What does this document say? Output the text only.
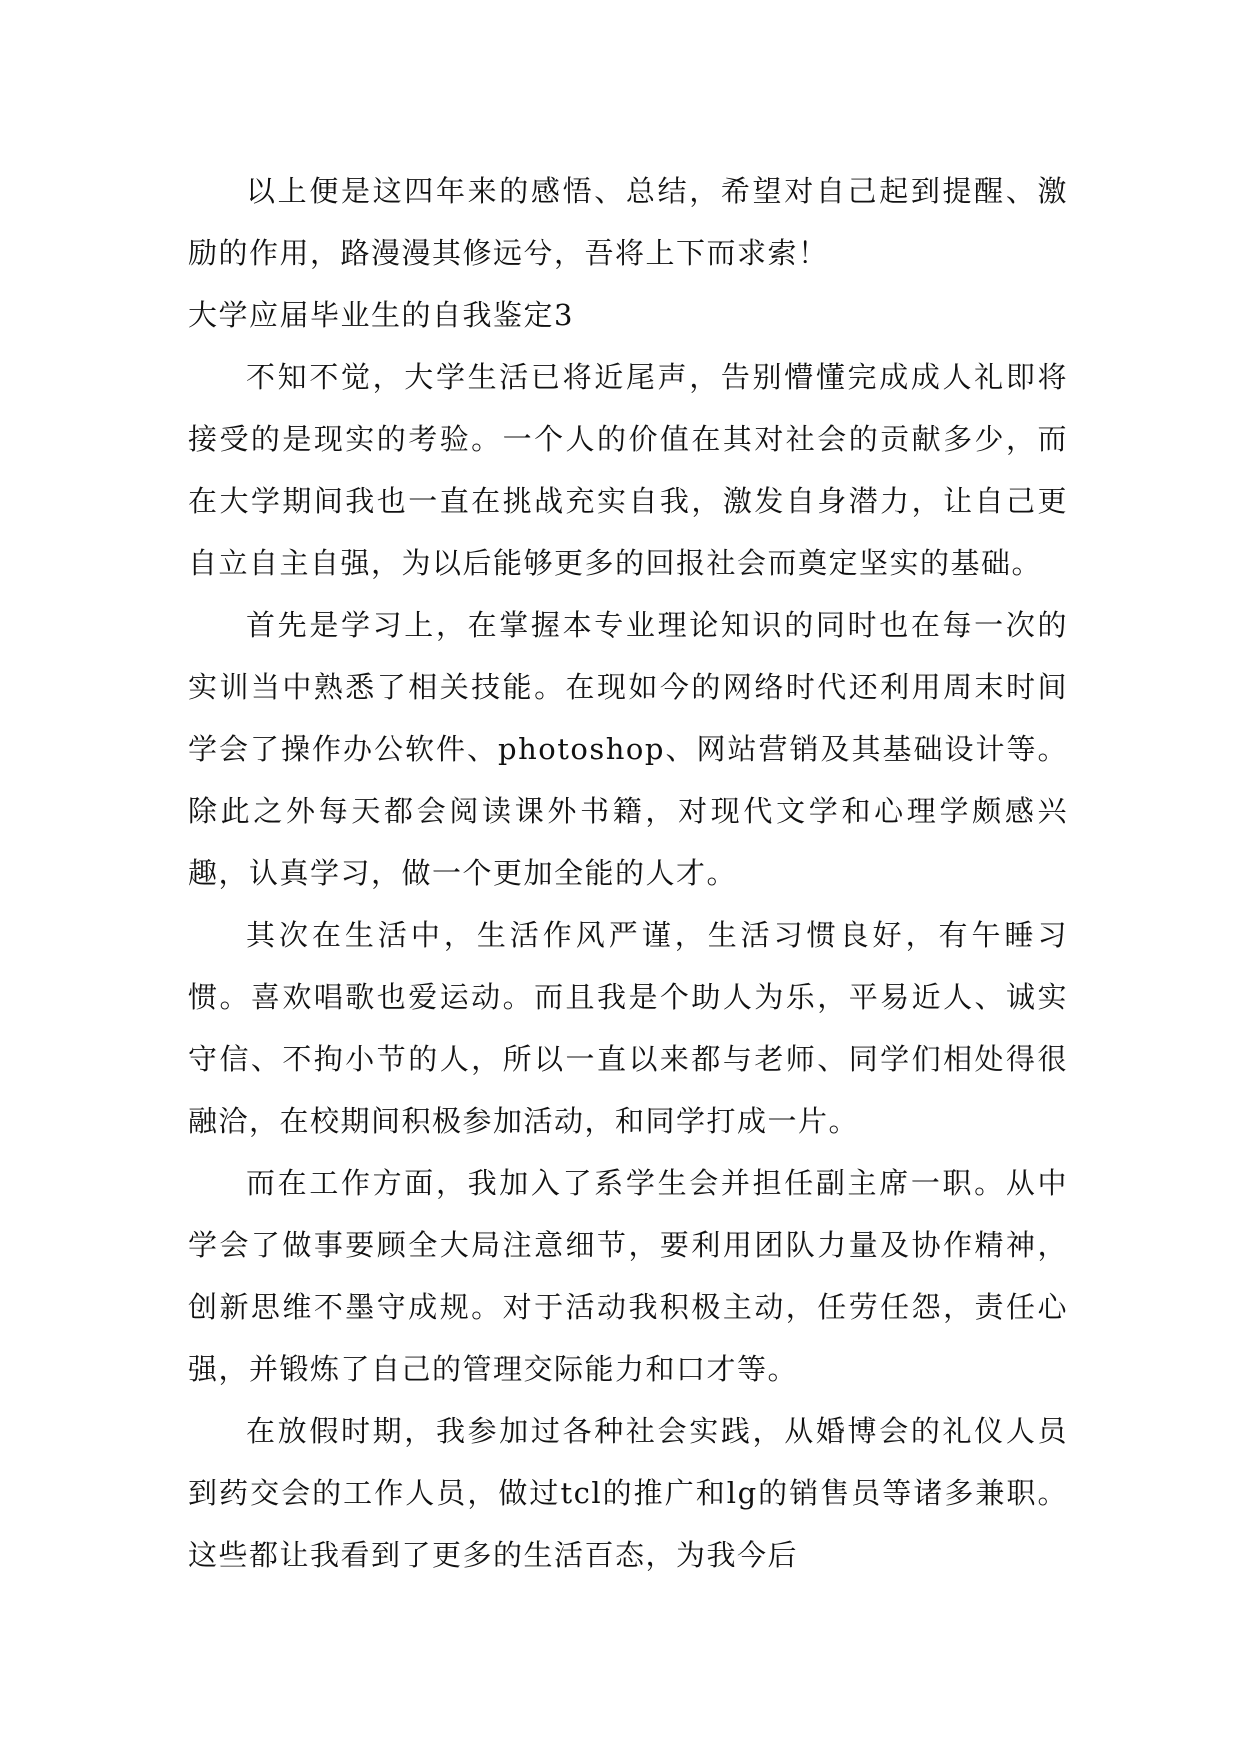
以上便是这四年来的感悟、总结，希望对自己起到提醒、激励的作用，路漫漫其修远兮，吾将上下而求索！

大学应届毕业生的自我鉴定3

不知不觉，大学生活已将近尾声，告别懵懂完成成人礼即将接受的是现实的考验。一个人的价值在其对社会的贡献多少，而在大学期间我也一直在挑战充实自我，激发自身潜力，让自己更自立自主自强，为以后能够更多的回报社会而奠定坚实的基础。

首先是学习上，在掌握本专业理论知识的同时也在每一次的实训当中熟悉了相关技能。在现如今的网络时代还利用周末时间学会了操作办公软件、photoshop、网站营销及其基础设计等。除此之外每天都会阅读课外书籍，对现代文学和心理学颇感兴趣，认真学习，做一个更加全能的人才。

其次在生活中，生活作风严谨，生活习惯良好，有午睡习惯。喜欢唱歌也爱运动。而且我是个助人为乐，平易近人、诚实守信、不拘小节的人，所以一直以来都与老师、同学们相处得很融洽，在校期间积极参加活动，和同学打成一片。

而在工作方面，我加入了系学生会并担任副主席一职。从中学会了做事要顾全大局注意细节，要利用团队力量及协作精神，创新思维不墨守成规。对于活动我积极主动，任劳任怨，责任心强，并锻炼了自己的管理交际能力和口才等。

在放假时期，我参加过各种社会实践，从婚博会的礼仪人员到药交会的工作人员，做过tcl的推广和lg的销售员等诸多兼职。这些都让我看到了更多的生活百态，为我今后
